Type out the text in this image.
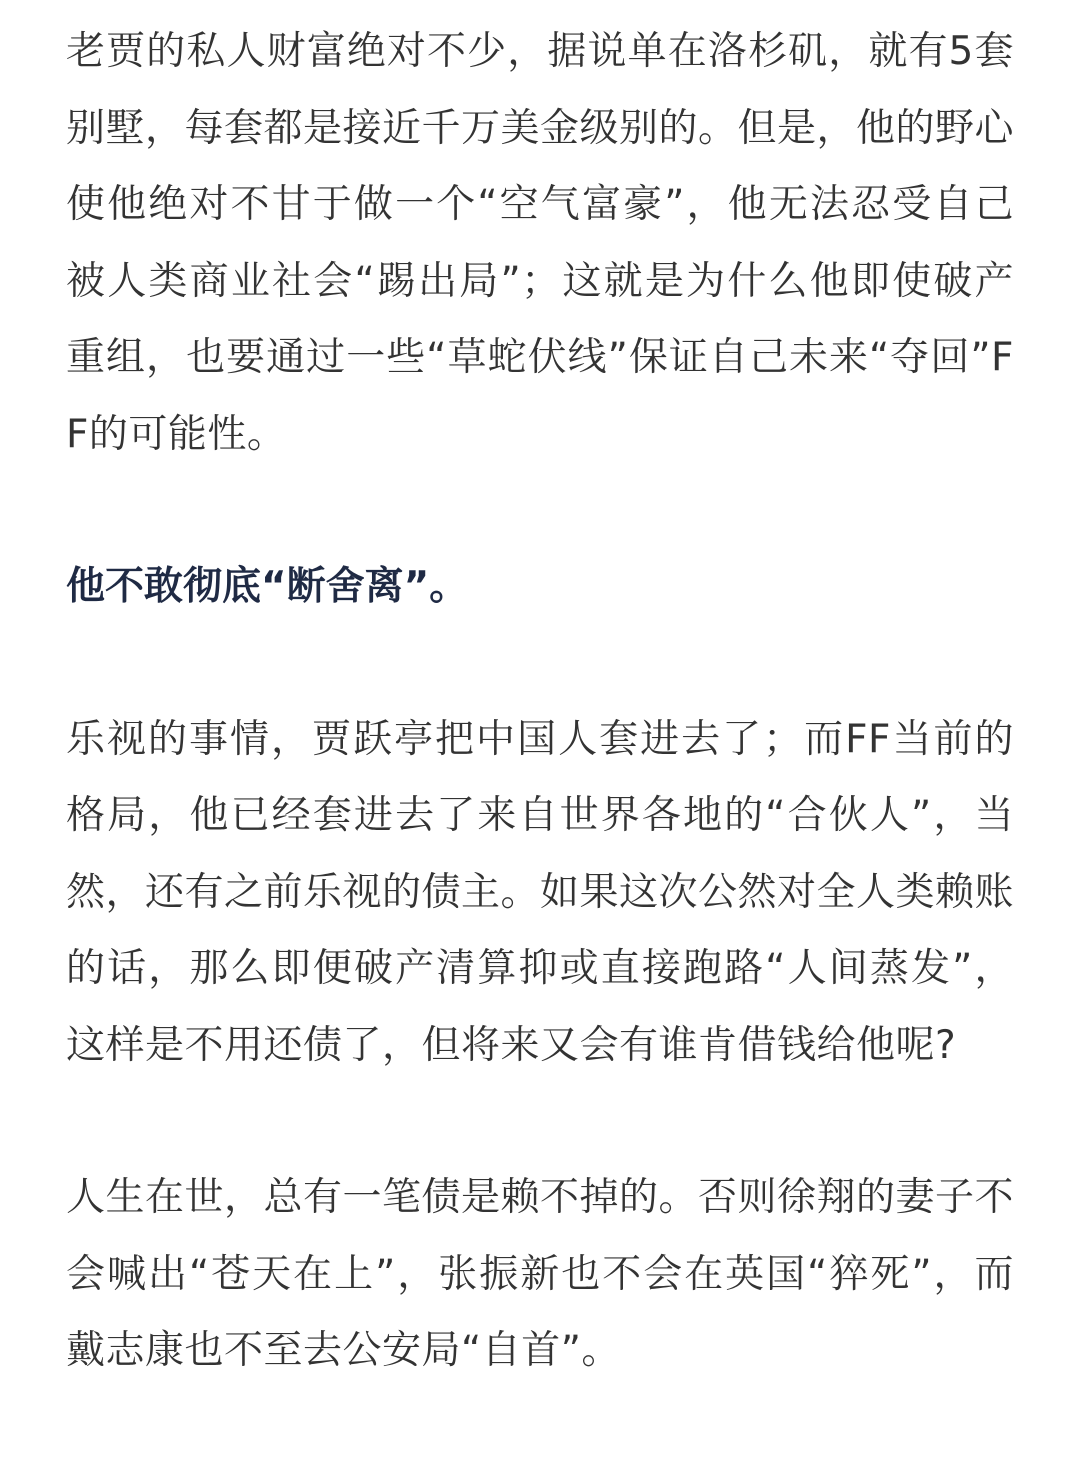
老贾的私人财富绝对不少，据说单在洛杉矶，就有5套别墅，每套都是接近千万美金级别的。但是，他的野心使他绝对不甘于做一个“空气富豪”，他无法忍受自己被人类商业社会“踢出局”；这就是为什么他即使破产重组，也要通过一些“草蛇伏线”保证自己未来“夺回”FF的可能性。

他不敢彻底“断舍离”。

乐视的事情，贾跃亭把中国人套进去了；而FF当前的格局，他已经套进去了来自世界各地的“合伙人”，当然，还有之前乐视的债主。如果这次公然对全人类赖账的话，那么即便破产清算抑或直接跑路“人间蒸发”，这样是不用还债了，但将来又会有谁肯借钱给他呢?

人生在世，总有一笔债是赖不掉的。否则徐翔的妻子不会喊出“苍天在上”，张振新也不会在英国“猝死”，而戴志康也不至去公安局“自首”。
